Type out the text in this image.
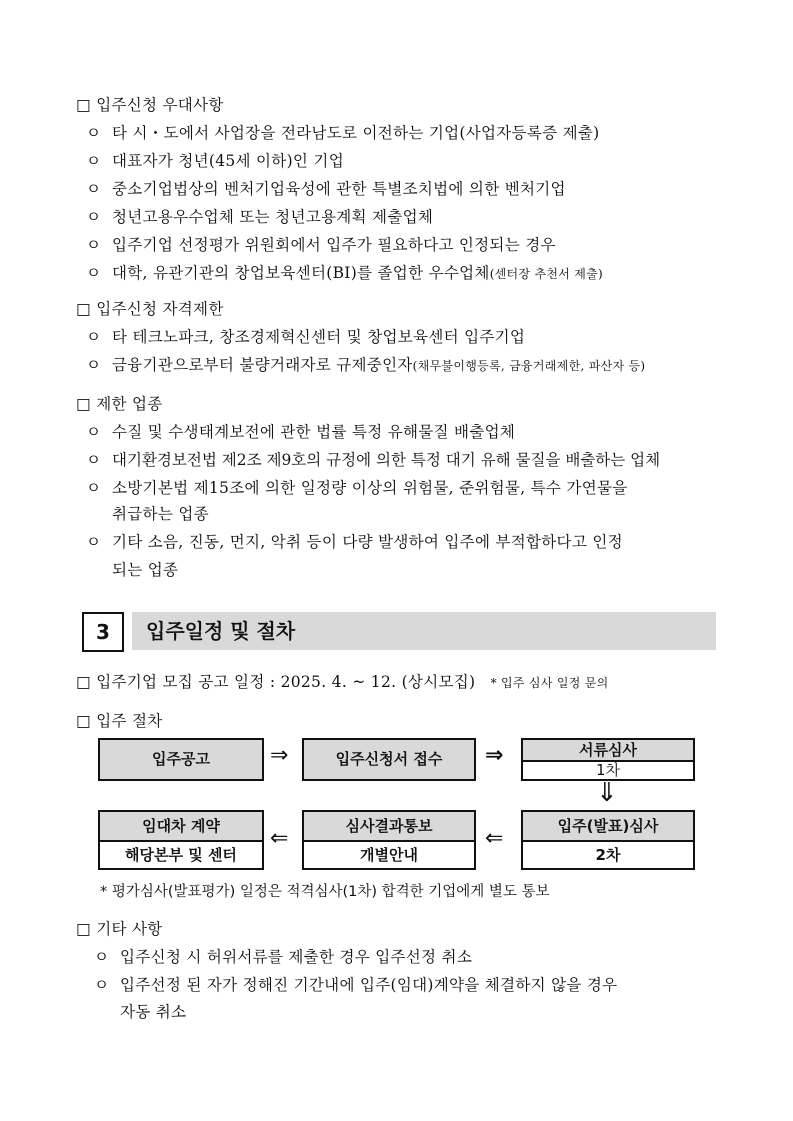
□ 입주신청 우대사항
ㅇ 타 시・도에서 사업장을 전라남도로 이전하는 기업(사업자등록증 제출)
ㅇ 대표자가 청년(45세 이하)인 기업
ㅇ 중소기업법상의 벤처기업육성에 관한 특별조치법에 의한 벤처기업
ㅇ 청년고용우수업체 또는 청년고용계획 제출업체
ㅇ 입주기업 선정평가 위원회에서 입주가 필요하다고 인정되는 경우
ㅇ 대학, 유관기관의 창업보육센터(BI)를 졸업한 우수업체(센터장 추천서 제출)
□ 입주신청 자격제한
ㅇ 타 테크노파크, 창조경제혁신센터 및 창업보육센터 입주기업
ㅇ 금융기관으로부터 불량거래자로 규제중인자(채무불이행등록, 금융거래제한, 파산자 등)
□ 제한 업종
ㅇ 수질 및 수생태계보전에 관한 법률 특정 유해물질 배출업체
ㅇ 대기환경보전법 제2조 제9호의 규정에 의한 특정 대기 유해 물질을 배출하는 업체
ㅇ 소방기본법 제15조에 의한 일정량 이상의 위험물, 준위험물, 특수 가연물을
취급하는 업종
ㅇ 기타 소음, 진동, 먼지, 악취 등이 다량 발생하여 입주에 부적합하다고 인정
되는 업종
3	입주일정 및 절차
□ 입주기업 모집 공고 일정 : 2025. 4. ~ 12. (상시모집) * 입주 심사 일정 문의
□ 입주 절차
입주공고	⇒	입주신청서 접수	⇒	서류심사
1차
⇓
임대차 계약
해당본부 및 센터
⇐	심사결과통보
개별안내
⇐	입주(발표)심사
2차
* 평가심사(발표평가) 일정은 적격심사(1차) 합격한 기업에게 별도 통보
□ 기타 사항
ㅇ 입주신청 시 허위서류를 제출한 경우 입주선정 취소
ㅇ 입주선정 된 자가 정해진 기간내에 입주(임대)계약을 체결하지 않을 경우
자동 취소
